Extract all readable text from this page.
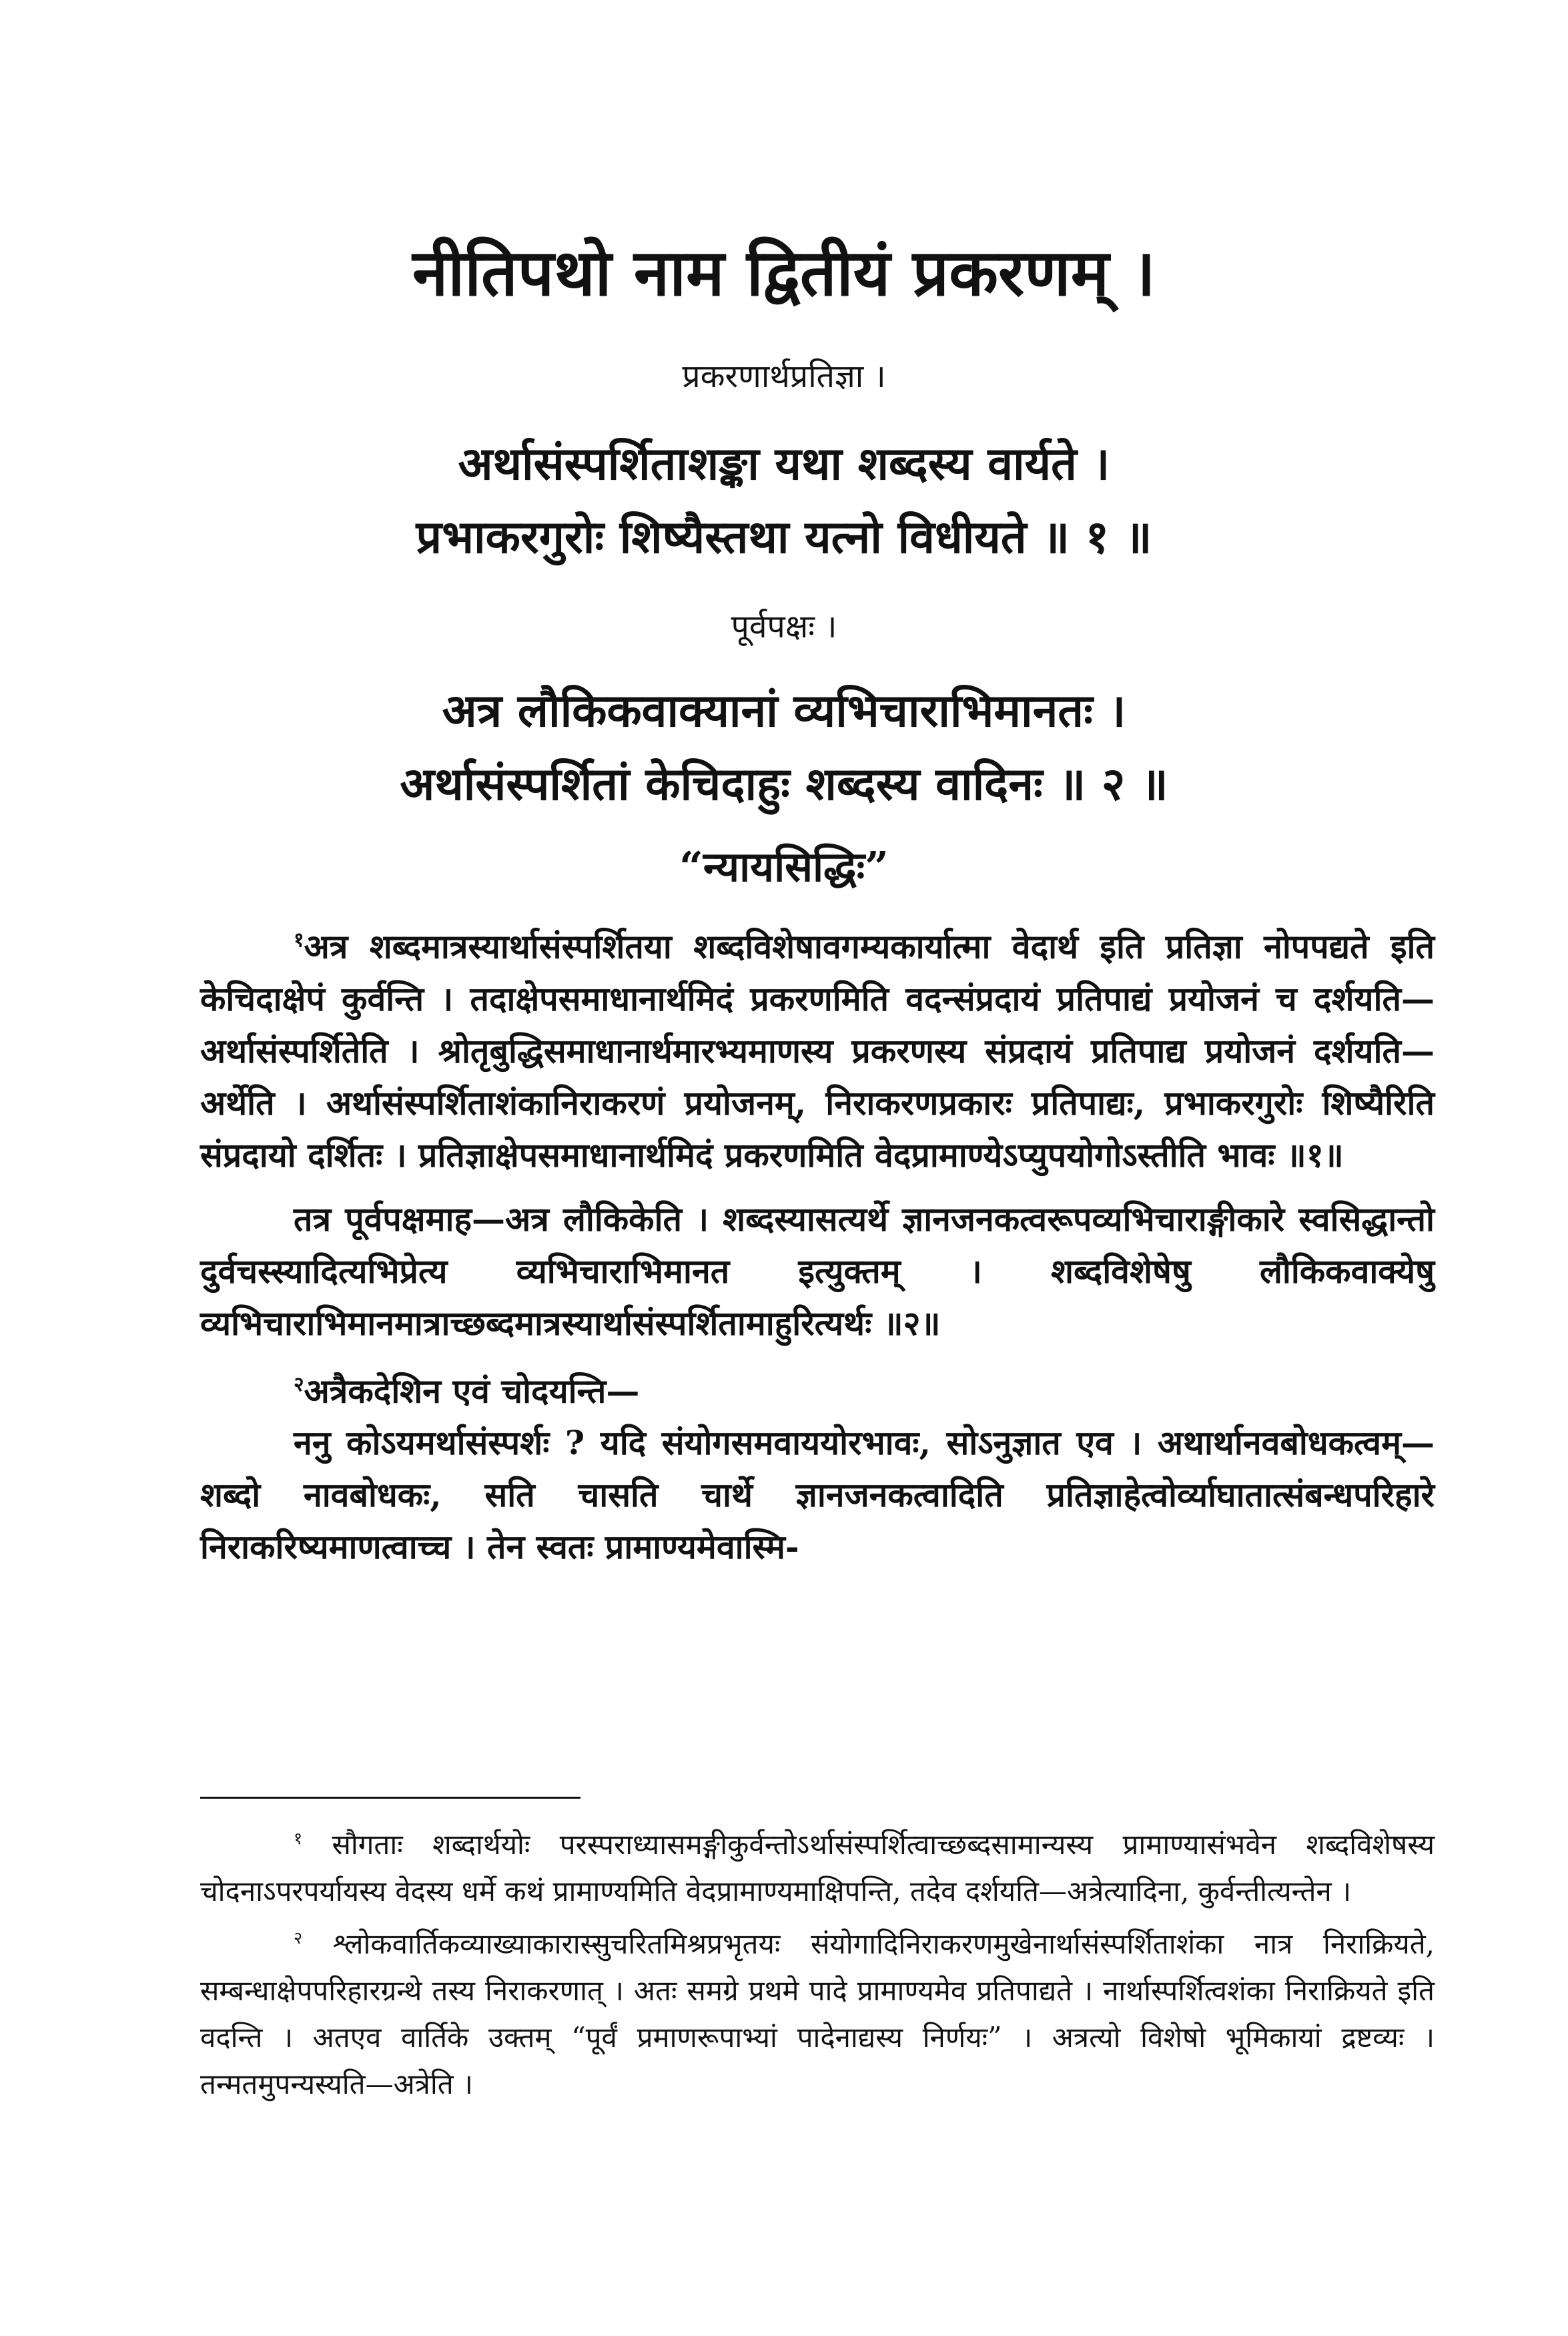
नीतिपथो नाम द्वितीयं प्रकरणम् ।
प्रकरणार्थप्रतिज्ञा ।
अर्थासंस्पर्शिताशङ्का यथा शब्दस्य वार्यते ।
प्रभाकरगुरोः शिष्यैस्तथा यत्नो विधीयते ॥ १ ॥
पूर्वपक्षः ।
अत्र लौकिकवाक्यानां व्यभिचाराभिमानतः ।
अर्थासंस्पर्शितां केचिदाहुः शब्दस्य वादिनः ॥ २ ॥
“न्यायसिद्धिः”

$^१$अत्र शब्दमात्रस्यार्थासंस्पर्शितया शब्दविशेषावगम्यकार्यात्मा वेदार्थ इति प्रतिज्ञा नोपपद्यते इति केचिदाक्षेपं कुर्वन्ति । तदाक्षेपसमाधानार्थमिदं प्रकरणमिति वदन्संप्रदायं प्रतिपाद्यं प्रयोजनं च दर्शयति—अर्थासंस्पर्शितेति । श्रोतृबुद्धिसमाधानार्थमारभ्यमाणस्य प्रकरणस्य संप्रदायं प्रतिपाद्य प्रयोजनं दर्शयति—अर्थेति । अर्थासंस्पर्शिताशंकानिराकरणं प्रयोजनम्, निराकरणप्रकारः प्रतिपाद्यः, प्रभाकरगुरोः शिष्यैरिति संप्रदायो दर्शितः । प्रतिज्ञाक्षेपसमाधानार्थमिदं प्रकरणमिति वेदप्रामाण्येऽप्युपयोगोऽस्तीति भावः ॥१॥

तत्र पूर्वपक्षमाह—अत्र लौकिकेति । शब्दस्यासत्यर्थे ज्ञानजनकत्वरूपव्यभिचाराङ्गीकारे स्वसिद्धान्तो दुर्वचस्स्यादित्यभिप्रेत्य व्यभिचाराभिमानत इत्युक्तम् । शब्दविशेषेषु लौकिकवाक्येषु व्यभिचाराभिमानमात्राच्छब्दमात्रस्यार्थासंस्पर्शितामाहुरित्यर्थः ॥२॥

$^२$अत्रैकदेशिन एवं चोदयन्ति—

ननु कोऽयमर्थासंस्पर्शः ? यदि संयोगसमवाययोरभावः, सोऽनुज्ञात एव । अथार्थानवबोधकत्वम्—शब्दो नावबोधकः, सति चासति चार्थे ज्ञानजनकत्वादिति प्रतिज्ञाहेत्वोर्व्याघातात्संबन्धपरिहारे निराकरिष्यमाणत्वाच्च । तेन स्वतः प्रामाण्यमेवास्मि-

$^१$ सौगताः शब्दार्थयोः परस्पराध्यासमङ्गीकुर्वन्तोऽर्थासंस्पर्शित्वाच्छब्दसामान्यस्य प्रामाण्यासंभवेन शब्दविशेषस्य चोदनाऽपरपर्यायस्य वेदस्य धर्मे कथं प्रामाण्यमिति वेदप्रामाण्यमाक्षिपन्ति, तदेव दर्शयति—अत्रेत्यादिना, कुर्वन्तीत्यन्तेन ।

$^२$ श्लोकवार्तिकव्याख्याकारास्सुचरितमिश्रप्रभृतयः संयोगादिनिराकरणमुखेनार्थासंस्पर्शिताशंका नात्र निराक्रियते, सम्बन्धाक्षेपपरिहारग्रन्थे तस्य निराकरणात् । अतः समग्रे प्रथमे पादे प्रामाण्यमेव प्रतिपाद्यते । नार्थास्पर्शित्वशंका निराक्रियते इति वदन्ति । अतएव वार्तिके उक्तम् “पूर्वं प्रमाणरूपाभ्यां पादेनाद्यस्य निर्णयः” । अत्रत्यो विशेषो भूमिकायां द्रष्टव्यः । तन्मतमुपन्यस्यति—अत्रेति ।
